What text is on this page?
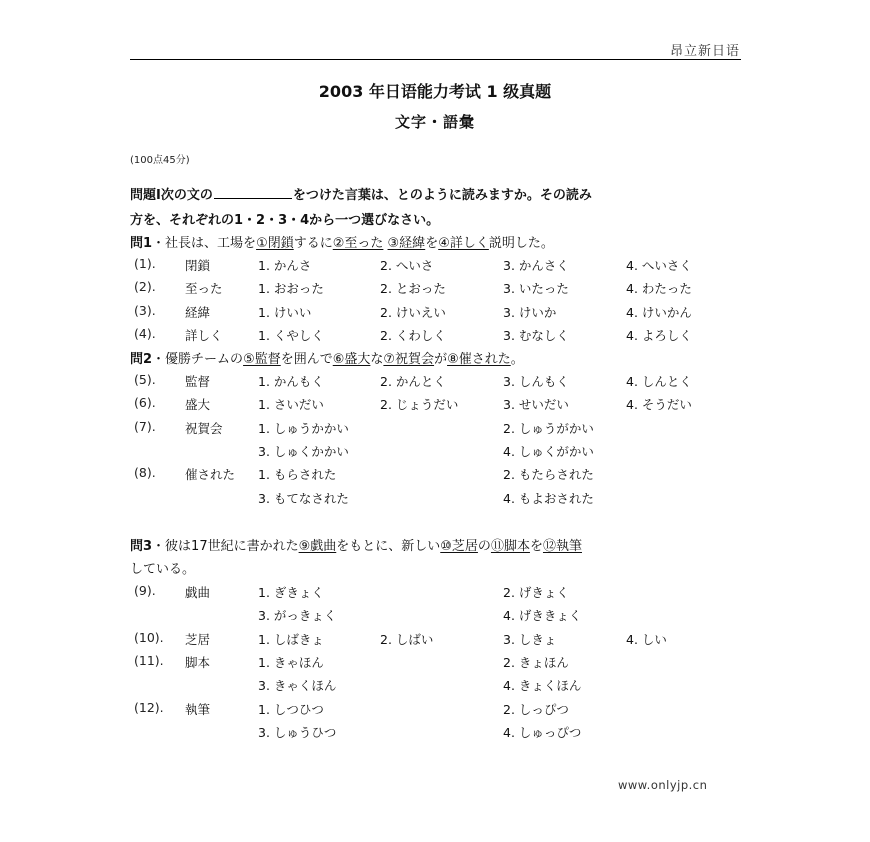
昂立新日语
2003 年日语能力考试 1 级真题
文字・語彙
(100点45分)
問題Ⅰ次の文の	をつけた言葉は、とのように読みますか。その読み
方を、それぞれの1・2・3・4から一つ選びなさい。
問1・社長は、工場を①閉鎖するに②至った ③経緯を④詳しく説明した。
(1). 閉鎖	1. かんさ	2. へいさ	3. かんさく	4. へいさく
(2). 至った	1. おおった	2. とおった	3. いたった	4. わたった
(3). 経緯	1. けいい	2. けいえい	3. けいか	4. けいかん
(4). 詳しく	1. くやしく	2. くわしく	3. むなしく	4. よろしく
問2・優勝チームの⑤監督を囲んで⑥盛大な⑦祝賀会が⑧催された。
(5). 監督	1. かんもく	2. かんとく	3. しんもく	4. しんとく
(6). 盛大	1. さいだい	2. じょうだい	3. せいだい	4. そうだい
(7). 祝賀会	1. しゅうかかい	2. しゅうがかい
3. しゅくかかい	4. しゅくがかい
(8). 催された 1. もらされた	2. もたらされた
3. もてなされた	4. もよおされた
問3・彼は17世紀に書かれた⑨戯曲をもとに、新しい⑩芝居の⑪脚本を⑫執筆
している。
(9). 戯曲	1. ぎきょく	2. げきょく
3. がっきょく	4. げききょく
(10). 芝居	1. しばきょ	2. しばい	3. しきょ	4. しい
(11). 脚本	1. きゃほん	2. きょほん
3. きゃくほん	4. きょくほん
(12). 執筆	1. しつひつ	2. しっぴつ
3. しゅうひつ	4. しゅっぴつ
www.onlyjp.cn
